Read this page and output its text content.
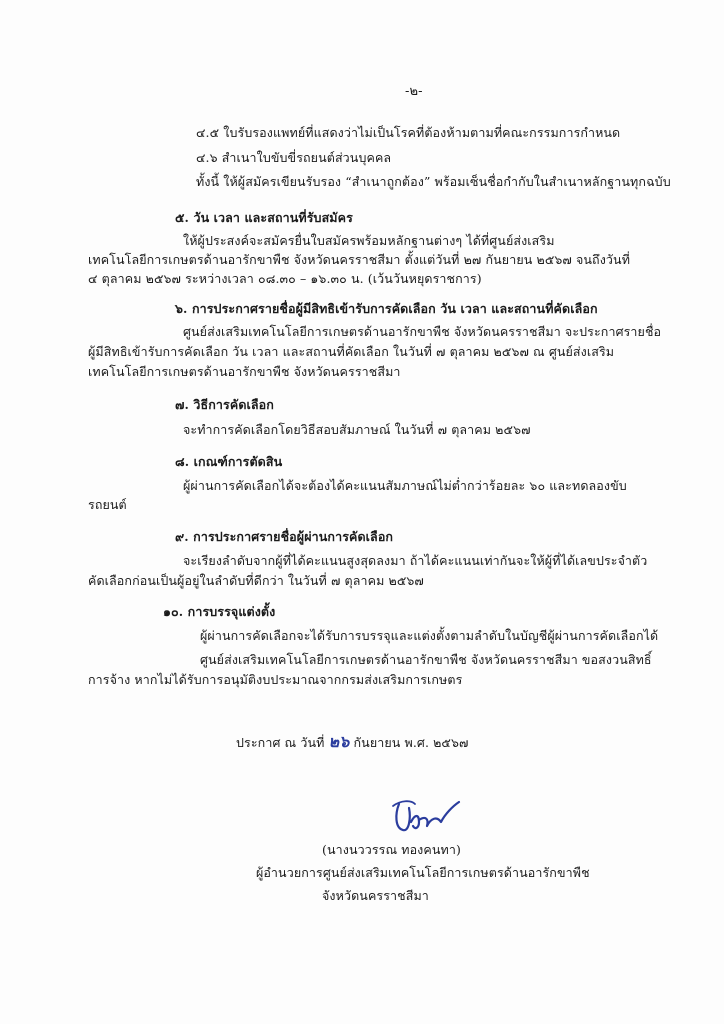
-๒-
๔.๕ ใบรับรองแพทย์ที่แสดงว่าไม่เป็นโรคที่ต้องห้ามตามที่คณะกรรมการกำหนด
๔.๖ สำเนาใบขับขี่รถยนต์ส่วนบุคคล
ทั้งนี้ ให้ผู้สมัครเขียนรับรอง “สำเนาถูกต้อง” พร้อมเซ็นชื่อกำกับในสำเนาหลักฐานทุกฉบับ
๕. วัน เวลา และสถานที่รับสมัคร
ให้ผู้ประสงค์จะสมัครยื่นใบสมัครพร้อมหลักฐานต่างๆ ได้ที่ศูนย์ส่งเสริม
เทคโนโลยีการเกษตรด้านอารักขาพืช จังหวัดนครราชสีมา ตั้งแต่วันที่ ๒๗ กันยายน ๒๕๖๗ จนถึงวันที่
๔ ตุลาคม ๒๕๖๗ ระหว่างเวลา ๐๘.๓๐ – ๑๖.๓๐ น. (เว้นวันหยุดราชการ)
๖. การประกาศรายชื่อผู้มีสิทธิเข้ารับการคัดเลือก วัน เวลา และสถานที่คัดเลือก
ศูนย์ส่งเสริมเทคโนโลยีการเกษตรด้านอารักขาพืช จังหวัดนครราชสีมา จะประกาศรายชื่อ
ผู้มีสิทธิเข้ารับการคัดเลือก วัน เวลา และสถานที่คัดเลือก ในวันที่ ๗ ตุลาคม ๒๕๖๗ ณ ศูนย์ส่งเสริม
เทคโนโลยีการเกษตรด้านอารักขาพืช จังหวัดนครราชสีมา
๗. วิธีการคัดเลือก
จะทำการคัดเลือกโดยวิธีสอบสัมภาษณ์ ในวันที่ ๗ ตุลาคม ๒๕๖๗
๘. เกณฑ์การตัดสิน
ผู้ผ่านการคัดเลือกได้จะต้องได้คะแนนสัมภาษณ์ไม่ต่ำกว่าร้อยละ ๖๐ และทดลองขับ
รถยนต์
๙. การประกาศรายชื่อผู้ผ่านการคัดเลือก
จะเรียงลำดับจากผู้ที่ได้คะแนนสูงสุดลงมา ถ้าได้คะแนนเท่ากันจะให้ผู้ที่ได้เลขประจำตัว
คัดเลือกก่อนเป็นผู้อยู่ในลำดับที่ดีกว่า ในวันที่ ๗ ตุลาคม ๒๕๖๗
๑๐. การบรรจุแต่งตั้ง
ผู้ผ่านการคัดเลือกจะได้รับการบรรจุและแต่งตั้งตามลำดับในบัญชีผู้ผ่านการคัดเลือกได้
ศูนย์ส่งเสริมเทคโนโลยีการเกษตรด้านอารักขาพืช จังหวัดนครราชสีมา ขอสงวนสิทธิ์
การจ้าง หากไม่ได้รับการอนุมัติงบประมาณจากกรมส่งเสริมการเกษตร
ประกาศ ณ วันที่ ๒๖ กันยายน พ.ศ. ๒๕๖๗
(นางนววรรณ ทองคนทา)
ผู้อำนวยการศูนย์ส่งเสริมเทคโนโลยีการเกษตรด้านอารักขาพืช
จังหวัดนครราชสีมา
